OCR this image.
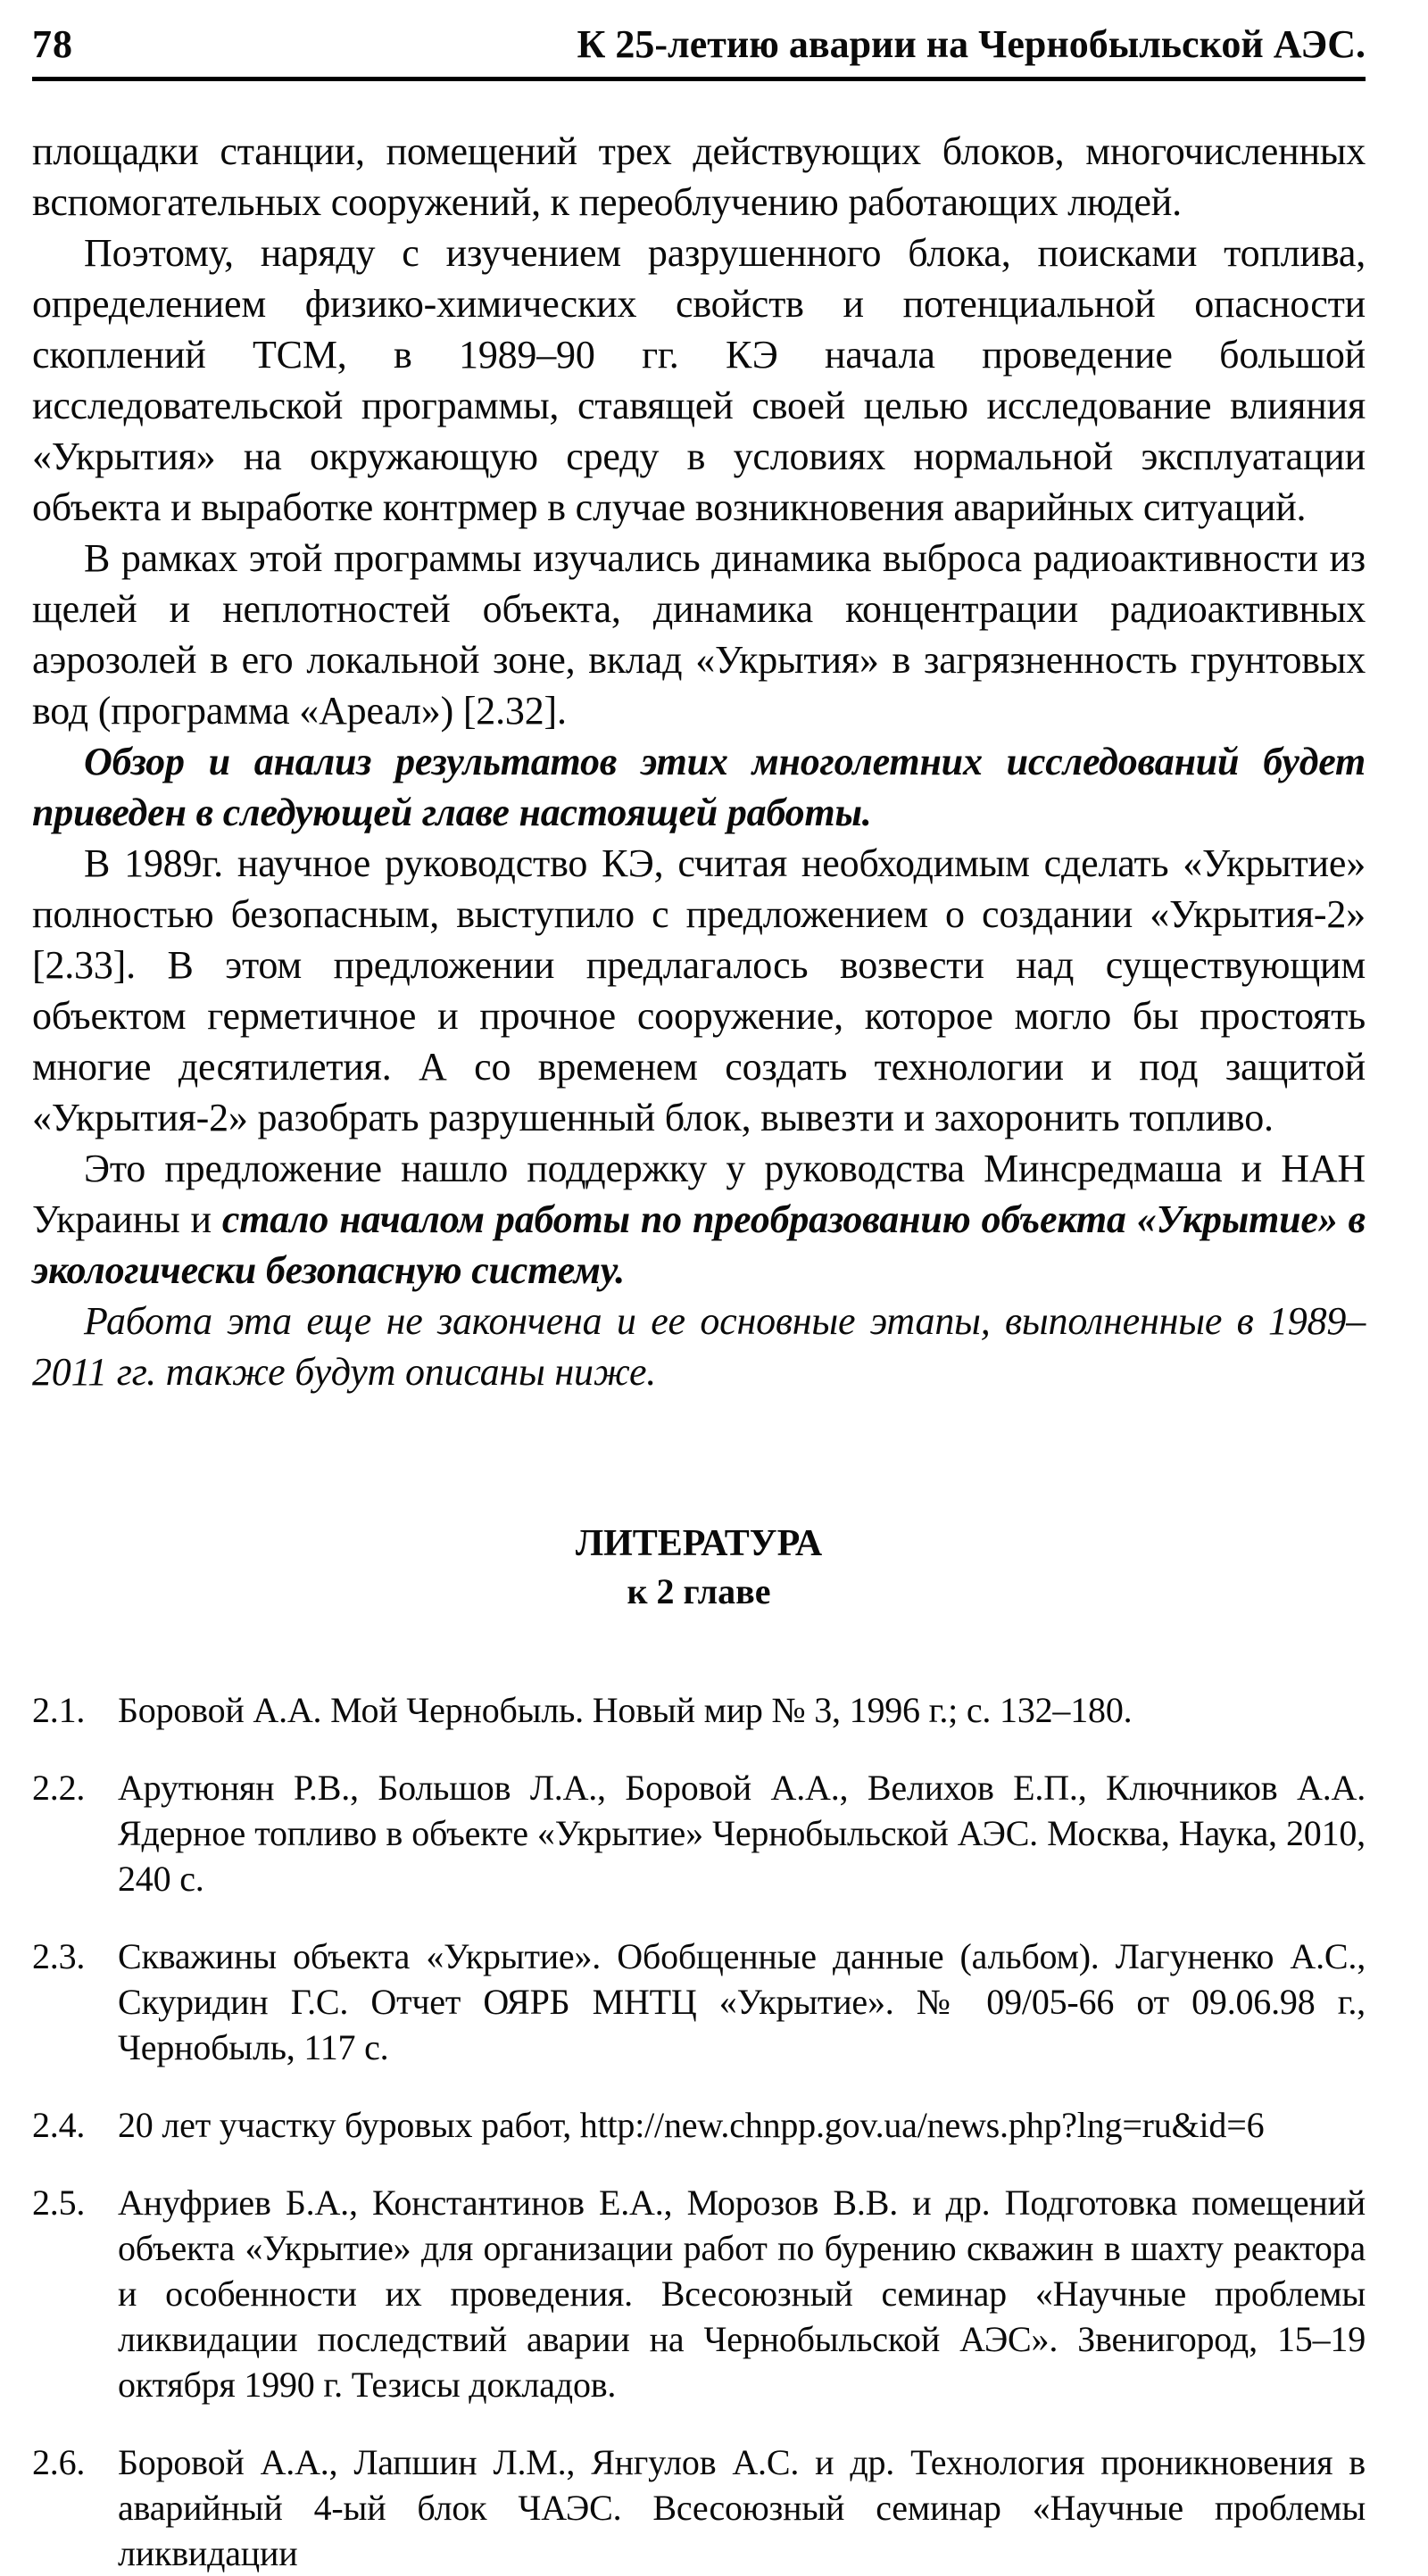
78	К 25-летию аварии на Чернобыльской АЭС.

площадки станции, помещений трех действующих блоков, многочисленных вспомогательных сооружений, к переоблучению работающих людей.

Поэтому, наряду с изучением разрушенного блока, поисками топлива, определением физико-химических свойств и потенциальной опасности скоплений ТСМ, в 1989–90 гг. КЭ начала проведение большой исследовательской программы, ставящей своей целью исследование влияния «Укрытия» на окружающую среду в условиях нормальной эксплуатации объекта и выработке контрмер в случае возникновения аварийных ситуаций.

В рамках этой программы изучались динамика выброса радиоактивности из щелей и неплотностей объекта, динамика концентрации радиоактивных аэрозолей в его локальной зоне, вклад «Укрытия» в загрязненность грунтовых вод (программа «Ареал») [2.32].

Обзор и анализ результатов этих многолетних исследований будет приведен в следующей главе настоящей работы.

В 1989г. научное руководство КЭ, считая необходимым сделать «Укрытие» полностью безопасным, выступило с предложением о создании «Укрытия-2» [2.33]. В этом предложении предлагалось возвести над существующим объектом герметичное и прочное сооружение, которое могло бы простоять многие десятилетия. А со временем создать технологии и под защитой «Укрытия-2» разобрать разрушенный блок, вывезти и захоронить топливо.

Это предложение нашло поддержку у руководства Минсредмаша и НАН Украины и стало началом работы по преобразованию объекта «Укрытие» в экологически безопасную систему.

Работа эта еще не закончена и ее основные этапы, выполненные в 1989–2011 гг. также будут описаны ниже.

ЛИТЕРАТУРА
к 2 главе
2.1. Боровой А.А. Мой Чернобыль. Новый мир № 3, 1996 г.; с. 132–180.
2.2. Арутюнян Р.В., Большов Л.А., Боровой А.А., Велихов Е.П., Ключников А.А. Ядерное топливо в объекте «Укрытие» Чернобыльской АЭС. Москва, Наука, 2010, 240 с.
2.3. Скважины объекта «Укрытие». Обобщенные данные (альбом). Лагуненко А.С., Скуридин Г.С. Отчет ОЯРБ МНТЦ «Укрытие». № 09/05-66 от 09.06.98 г., Чернобыль, 117 с.
2.4. 20 лет участку буровых работ, http://new.chnpp.gov.ua/news.php?lng=ru&id=6
2.5. Ануфриев Б.А., Константинов Е.А., Морозов В.В. и др. Подготовка помещений объекта «Укрытие» для организации работ по бурению скважин в шахту реактора и особенности их проведения. Всесоюзный семинар «Научные проблемы ликвидации последствий аварии на Чернобыльской АЭС». Звенигород, 15–19 октября 1990 г. Тезисы докладов.
2.6. Боровой А.А., Лапшин Л.М., Янгулов А.С. и др. Технология проникновения в аварийный 4-ый блок ЧАЭС. Всесоюзный семинар «Научные проблемы ликвидации
